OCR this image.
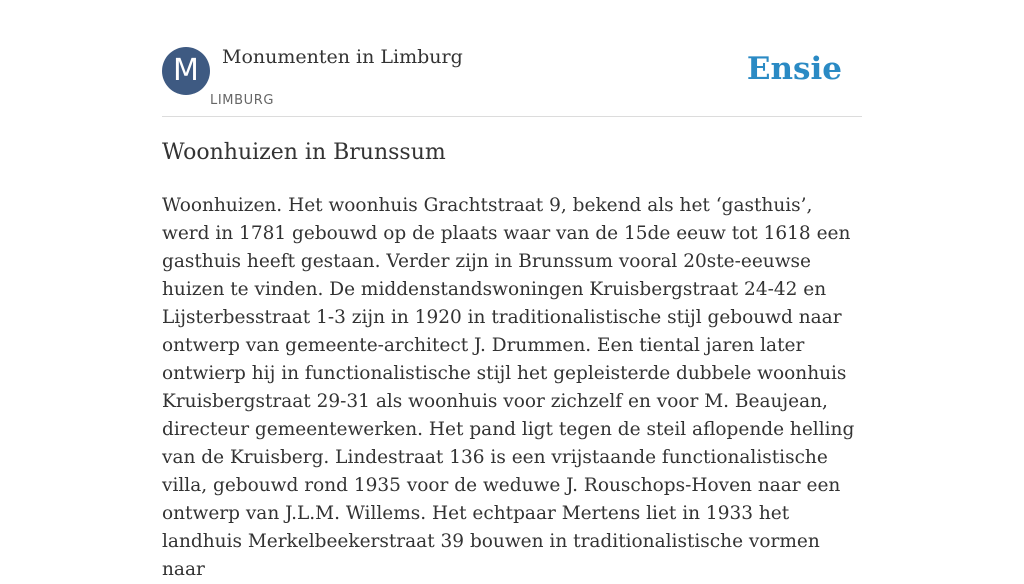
M	Monumenten in Limburg
LIMBURG
Ensie
Woonhuizen in Brunssum

Woonhuizen. Het woonhuis Grachtstraat 9, bekend als het ‘gasthuis’, werd in 1781 gebouwd op de plaats waar van de 15de eeuw tot 1618 een gasthuis heeft gestaan. Verder zijn in Brunssum vooral 20ste-eeuwse huizen te vinden. De middenstandswoningen Kruisbergstraat 24-42 en Lijsterbesstraat 1-3 zijn in 1920 in traditionalistische stijl gebouwd naar ontwerp van gemeente-architect J. Drummen. Een tiental jaren later ontwierp hij in functionalistische stijl het gepleisterde dubbele woonhuis Kruisbergstraat 29-31 als woonhuis voor zichzelf en voor M. Beaujean, directeur gemeentewerken. Het pand ligt tegen de steil aflopende helling van de Kruisberg. Lindestraat 136 is een vrijstaande functionalistische villa, gebouwd rond 1935 voor de weduwe J. Rouschops-Hoven naar een ontwerp van J.L.M. Willems. Het echtpaar Mertens liet in 1933 het landhuis Merkelbeekerstraat 39 bouwen in traditionalistische vormen naar
